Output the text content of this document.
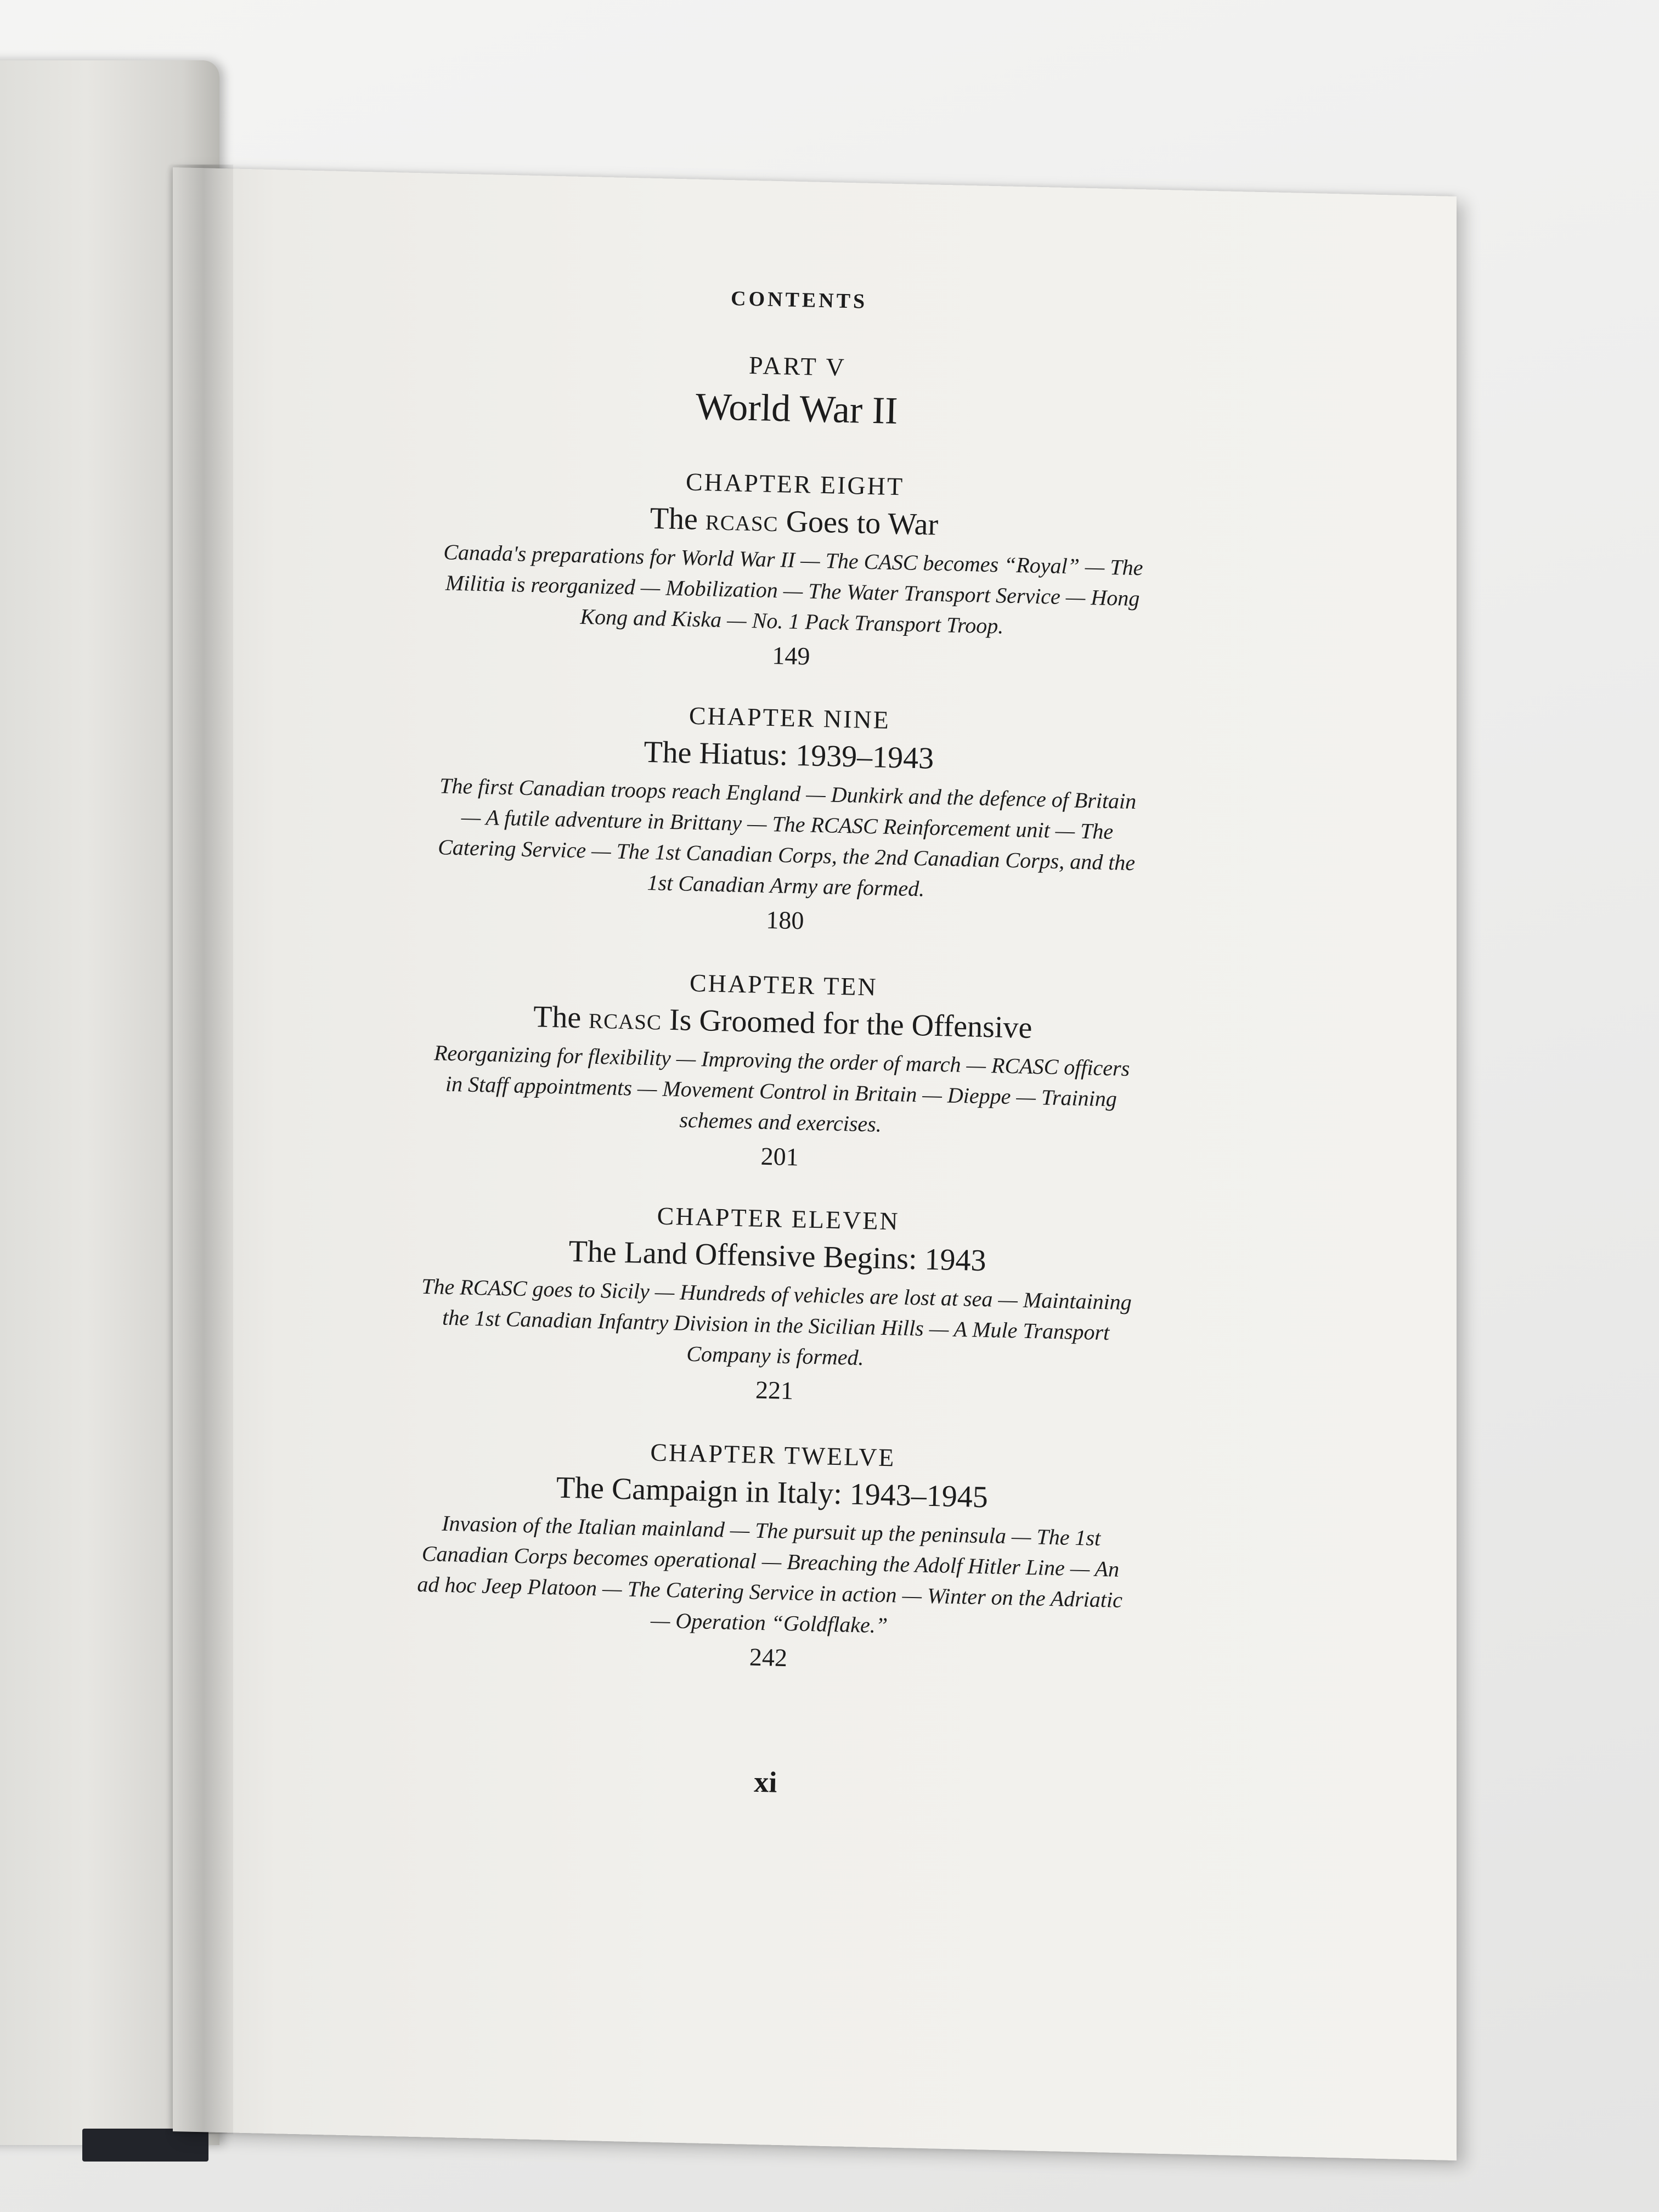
CONTENTS
PART V
World War II
CHAPTER EIGHT
The rcasc Goes to War
Canada's preparations for World War II — The CASC becomes “Royal” — The Militia is reorganized — Mobilization — The Water Transport Service — Hong Kong and Kiska — No. 1 Pack Transport Troop.
149
CHAPTER NINE
The Hiatus: 1939–1943
The first Canadian troops reach England — Dunkirk and the defence of Britain — A futile adventure in Brittany — The RCASC Reinforcement unit — The Catering Service — The 1st Canadian Corps, the 2nd Canadian Corps, and the 1st Canadian Army are formed.
180
CHAPTER TEN
The rcasc Is Groomed for the Offensive
Reorganizing for flexibility — Improving the order of march — RCASC officers in Staff appointments — Movement Control in Britain — Dieppe — Training schemes and exercises.
201
CHAPTER ELEVEN
The Land Offensive Begins: 1943
The RCASC goes to Sicily — Hundreds of vehicles are lost at sea — Maintaining the 1st Canadian Infantry Division in the Sicilian Hills — A Mule Transport Company is formed.
221
CHAPTER TWELVE
The Campaign in Italy: 1943–1945
Invasion of the Italian mainland — The pursuit up the peninsula — The 1st Canadian Corps becomes operational — Breaching the Adolf Hitler Line — An ad hoc Jeep Platoon — The Catering Service in action — Winter on the Adriatic — Operation “Goldflake.”
242
xi
